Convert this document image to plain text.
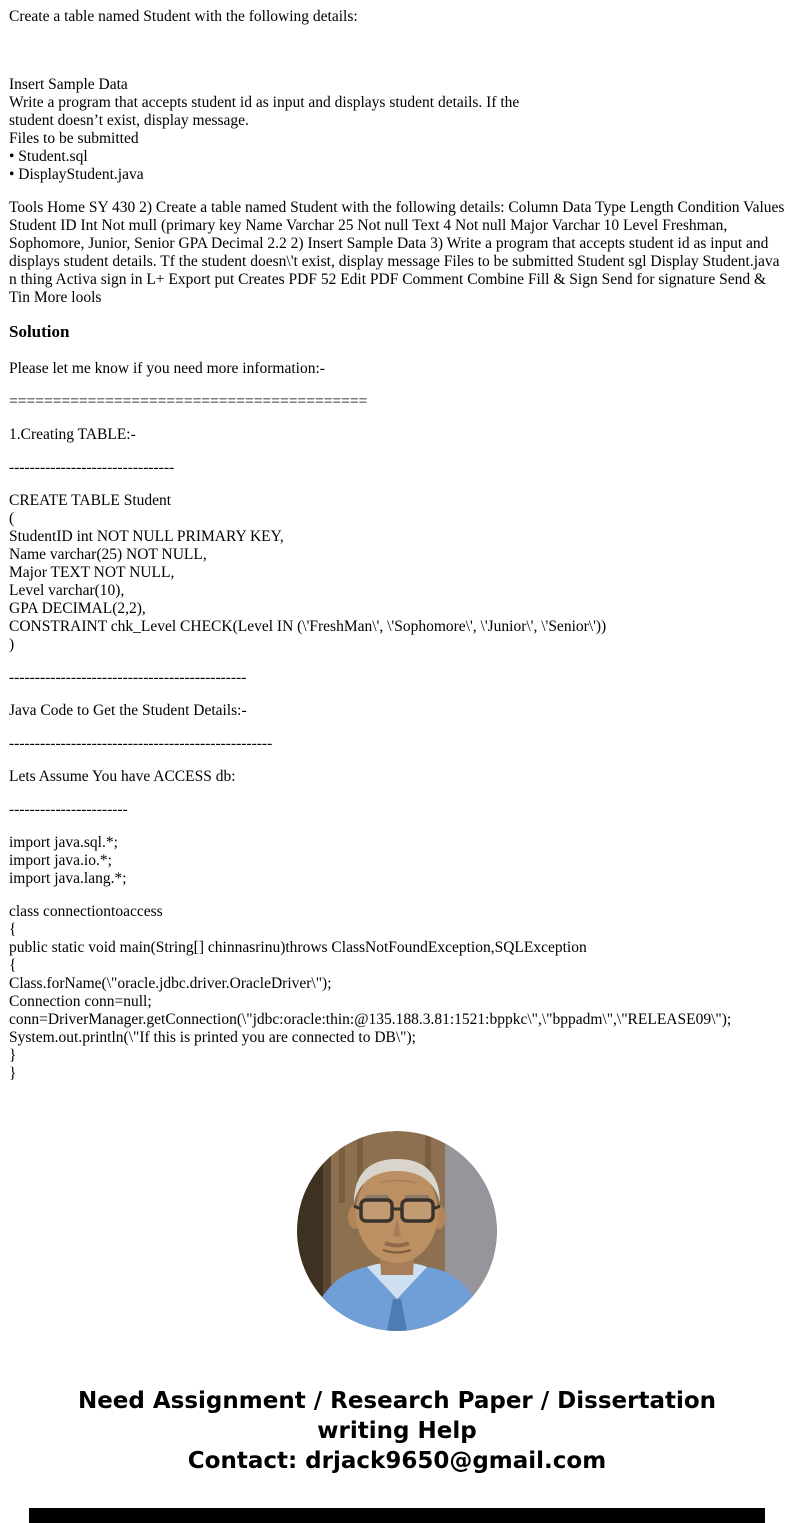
Create a table named Student with the following details:
Insert Sample Data
Write a program that accepts student id as input and displays student details. If the
student doesn’t exist, display message.
Files to be submitted
• Student.sql
• DisplayStudent.java

Tools Home SY 430 2) Create a table named Student with the following details: Column Data Type Length Condition Values Student ID Int Not mull (primary key Name Varchar 25 Not null Text 4 Not null Major Varchar 10 Level Freshman, Sophomore, Junior, Senior GPA Decimal 2.2 2) Insert Sample Data 3) Write a program that accepts student id as input and displays student details. Tf the student doesn\'t exist, display message Files to be submitted Student sgl Display Student.java n thing Activa sign in L+ Export put Creates PDF 52 Edit PDF Comment Combine Fill & Sign Send for signature Send & Tin More lools

Solution

Please let me know if you need more information:-

=========================================

1.Creating TABLE:-

--------------------------------

CREATE TABLE Student
(
StudentID int NOT NULL PRIMARY KEY,
Name varchar(25) NOT NULL,
Major TEXT NOT NULL,
Level varchar(10),
GPA DECIMAL(2,2),
CONSTRAINT chk_Level CHECK(Level IN (\'FreshMan\', \'Sophomore\', \'Junior\', \'Senior\'))
)

----------------------------------------------

Java Code to Get the Student Details:-

---------------------------------------------------

Lets Assume You have ACCESS db:

-----------------------

import java.sql.*;
import java.io.*;
import java.lang.*;
class connectiontoaccess
{
public static void main(String[] chinnasrinu)throws ClassNotFoundException,SQLException
{
Class.forName(\"oracle.jdbc.driver.OracleDriver\");
Connection conn=null;
conn=DriverManager.getConnection(\"jdbc:oracle:thin:@135.188.3.81:1521:bppkc\",\"bppadm\",\"RELEASE09\");
System.out.println(\"If this is printed you are connected to DB\");
}
}
Need Assignment / Research Paper / Dissertation
writing Help
Contact: drjack9650@gmail.com
